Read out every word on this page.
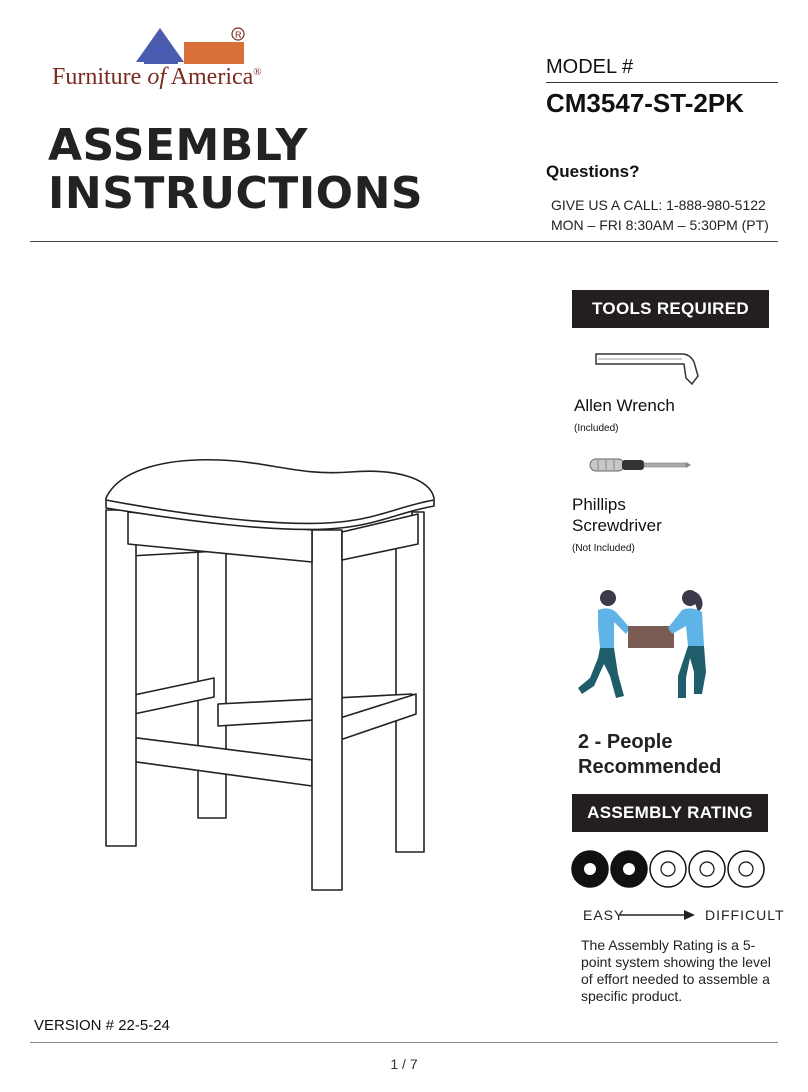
R
Furniture of America®
ASSEMBLY
INSTRUCTIONS
MODEL #
CM3547-ST-2PK
Questions?
GIVE US A CALL: 1-888-980-5122
MON – FRI 8:30AM – 5:30PM (PT)
TOOLS REQUIRED
Allen Wrench
(Included)
Phillips
Screwdriver
(Not Included)
2 - People
Recommended
ASSEMBLY RATING
EASY	DIFFICULT
The Assembly Rating is a 5-point system showing the level of effort needed to assemble a specific product.
VERSION # 22-5-24
1 / 7
